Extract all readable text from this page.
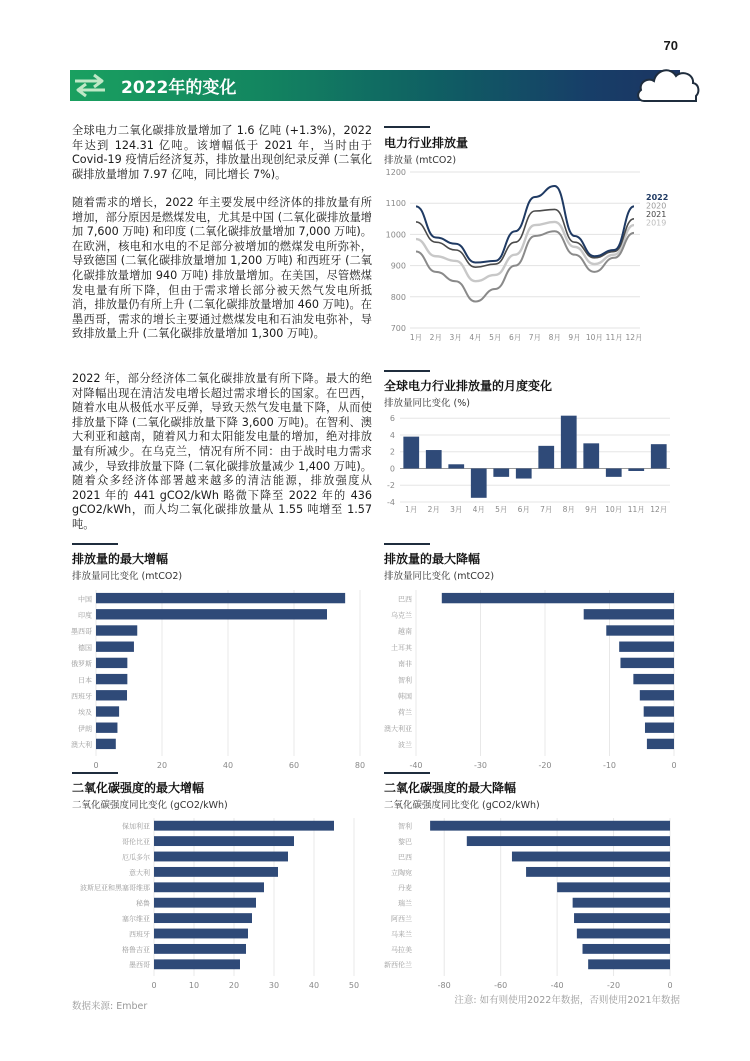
70
2022年的变化
全球电力二氧化碳排放量增加了 1.6 亿吨 (+1.3%)，2022 年达到 124.31 亿吨。该增幅低于 2021 年，当时由于 Covid-19 疫情后经济复苏，排放量出现创纪录反弹 (二氧化碳排放量增加 7.97 亿吨，同比增长 7%)。
随着需求的增长，2022 年主要发展中经济体的排放量有所增加，部分原因是燃煤发电，尤其是中国 (二氧化碳排放量增加 7,600 万吨) 和印度 (二氧化碳排放量增加 7,000 万吨)。在欧洲，核电和水电的不足部分被增加的燃煤发电所弥补，导致德国 (二氧化碳排放量增加 1,200 万吨) 和西班牙 (二氧化碳排放量增加 940 万吨) 排放量增加。在美国，尽管燃煤发电量有所下降，但由于需求增长部分被天然气发电所抵消，排放量仍有所上升 (二氧化碳排放量增加 460 万吨)。在墨西哥，需求的增长主要通过燃煤发电和石油发电弥补，导致排放量上升 (二氧化碳排放量增加 1,300 万吨)。
2022 年，部分经济体二氧化碳排放量有所下降。最大的绝对降幅出现在清洁发电增长超过需求增长的国家。在巴西，随着水电从极低水平反弹，导致天然气发电量下降，从而使排放量下降 (二氧化碳排放量下降 3,600 万吨)。在智利、澳大利亚和越南，随着风力和太阳能发电量的增加，绝对排放量有所减少。在乌克兰，情况有所不同：由于战时电力需求减少，导致排放量下降 (二氧化碳排放量减少 1,400 万吨)。随着众多经济体部署越来越多的清洁能源，排放强度从 2021 年的 441 gCO2/kWh 略微下降至 2022 年的 436 gCO2/kWh，而人均二氧化碳排放量从 1.55 吨增至 1.57 吨。
电力行业排放量
排放量 (mtCO2)
700
800
900
1000
1100
1200
1月 2月 3月 4月 5月 6月 7月 8月 9月 10月 11月 12月
2022
2020
2021
2019
全球电力行业排放量的月度变化
排放量同比变化 (%)
-4
-2
0
2
4
6
1月 2月 3月 4月 5月 6月 7月 8月 9月 10月 11月 12月
排放量的最大增幅
排放量同比变化 (mtCO2)
0	20	40	60	80
中国
印度
墨西哥
德国
俄罗斯
日本
西班牙
埃及
伊朗
澳大利
排放量的最大降幅
排放量同比变化 (mtCO2)
-40	-30	-20	-10	0
巴西
乌克兰
越南
土耳其
南非
智利
韩国
荷兰
澳大利亚
波兰
二氧化碳强度的最大增幅
二氧化碳强度同比变化 (gCO2/kWh)
0	10	20	30	40	50
保加利亚
哥伦比亚
厄瓜多尔
意大利
波斯尼亚和黑塞哥维那
秘鲁
塞尔维亚
西班牙
格鲁吉亚
墨西哥
二氧化碳强度的最大降幅
二氧化碳强度同比变化 (gCO2/kWh)
-80	-60	-40	-20	0
智利
黎巴
巴西
立陶宛
丹麦
瑞兰
阿西兰
马来兰
马拉美
新西伦兰
数据来源: Ember
注意: 如有则使用2022年数据，否则使用2021年数据
